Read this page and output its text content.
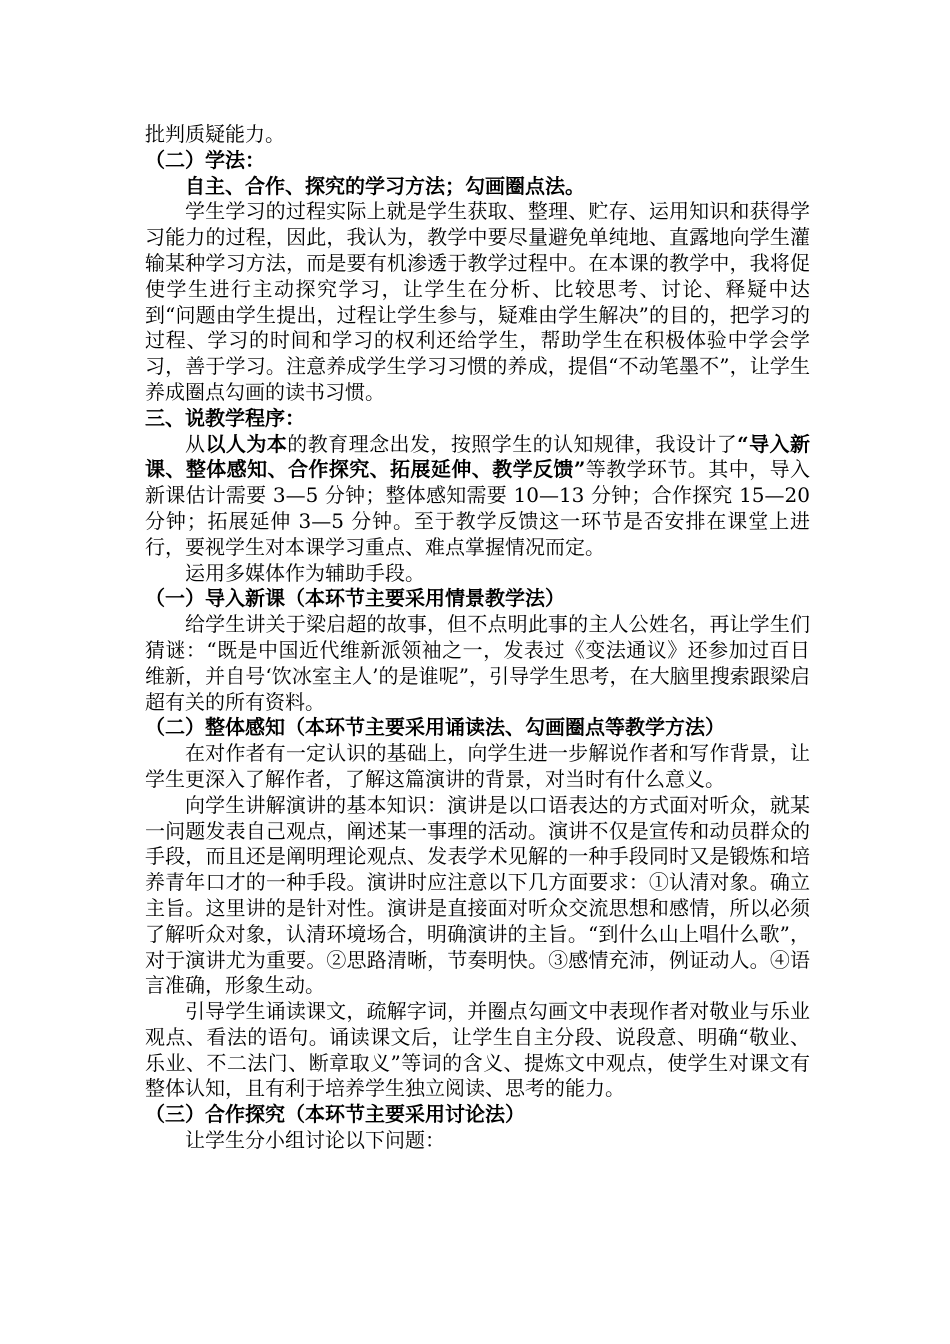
批判质疑能力。

（二）学法：

自主、合作、探究的学习方法；勾画圈点法。

学生学习的过程实际上就是学生获取、整理、贮存、运用知识和获得学习能力的过程，因此，我认为，教学中要尽量避免单纯地、直露地向学生灌输某种学习方法，而是要有机渗透于教学过程中。在本课的教学中，我将促使学生进行主动探究学习，让学生在分析、比较思考、讨论、释疑中达到“问题由学生提出，过程让学生参与，疑难由学生解决”的目的，把学习的过程、学习的时间和学习的权利还给学生，帮助学生在积极体验中学会学习，善于学习。注意养成学生学习习惯的养成，提倡“不动笔墨不”，让学生养成圈点勾画的读书习惯。

三、说教学程序：

从以人为本的教育理念出发，按照学生的认知规律，我设计了“导入新课、整体感知、合作探究、拓展延伸、教学反馈”等教学环节。其中，导入新课估计需要 3—5 分钟；整体感知需要 10—13 分钟；合作探究 15—20 分钟；拓展延伸 3—5 分钟。至于教学反馈这一环节是否安排在课堂上进行，要视学生对本课学习重点、难点掌握情况而定。

运用多媒体作为辅助手段。

（一）导入新课（本环节主要采用情景教学法）

给学生讲关于梁启超的故事，但不点明此事的主人公姓名，再让学生们猜谜：“既是中国近代维新派领袖之一，发表过《变法通议》还参加过百日维新，并自号‘饮冰室主人’的是谁呢”，引导学生思考，在大脑里搜索跟梁启超有关的所有资料。

（二）整体感知（本环节主要采用诵读法、勾画圈点等教学方法）

在对作者有一定认识的基础上，向学生进一步解说作者和写作背景，让学生更深入了解作者，了解这篇演讲的背景，对当时有什么意义。

向学生讲解演讲的基本知识：演讲是以口语表达的方式面对听众，就某一问题发表自己观点，阐述某一事理的活动。演讲不仅是宣传和动员群众的手段，而且还是阐明理论观点、发表学术见解的一种手段同时又是锻炼和培养青年口才的一种手段。演讲时应注意以下几方面要求：①认清对象。确立主旨。这里讲的是针对性。演讲是直接面对听众交流思想和感情，所以必须了解听众对象，认清环境场合，明确演讲的主旨。“到什么山上唱什么歌”，对于演讲尤为重要。②思路清晰，节奏明快。③感情充沛，例证动人。④语言准确，形象生动。

引导学生诵读课文，疏解字词，并圈点勾画文中表现作者对敬业与乐业观点、看法的语句。诵读课文后，让学生自主分段、说段意、明确“敬业、乐业、不二法门、断章取义”等词的含义、提炼文中观点，使学生对课文有整体认知，且有利于培养学生独立阅读、思考的能力。

（三）合作探究（本环节主要采用讨论法）

让学生分小组讨论以下问题：
